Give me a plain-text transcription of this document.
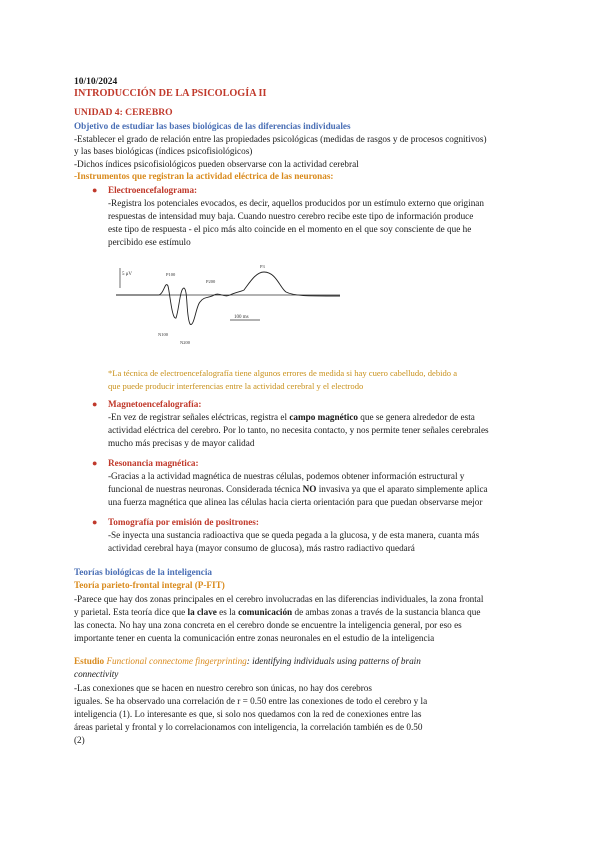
10/10/2024
INTRODUCCIÓN DE LA PSICOLOGÍA II
UNIDAD 4: CEREBRO
Objetivo de estudiar las bases biológicas de las diferencias individuales
-Establecer el grado de relación entre las propiedades psicológicas (medidas de rasgos y de procesos cognitivos)
y las bases biológicas (índices psicofisiológicos)
-Dichos índices psicofisiológicos pueden observarse con la actividad cerebral
-Instrumentos que registran la actividad eléctrica de las neuronas:
● Electroencefalograma:
-Registra los potenciales evocados, es decir, aquellos producidos por un estímulo externo que originan
respuestas de intensidad muy baja. Cuando nuestro cerebro recibe este tipo de información produce
este tipo de respuesta - el pico más alto coincide en el momento en el que soy consciente de que he
percibido ese estímulo
5 μV
100 ms
P100
P200
P3
N100
N200
*La técnica de electroencefalografía tiene algunos errores de medida si hay cuero cabelludo, debido a
que puede producir interferencias entre la actividad cerebral y el electrodo
● Magnetoencefalografía:
-En vez de registrar señales eléctricas, registra el campo magnético que se genera alrededor de esta
actividad eléctrica del cerebro. Por lo tanto, no necesita contacto, y nos permite tener señales cerebrales
mucho más precisas y de mayor calidad
● Resonancia magnética:
-Gracias a la actividad magnética de nuestras células, podemos obtener información estructural y
funcional de nuestras neuronas. Considerada técnica NO invasiva ya que el aparato simplemente aplica
una fuerza magnética que alinea las células hacia cierta orientación para que puedan observarse mejor
● Tomografía por emisión de positrones:
-Se inyecta una sustancia radioactiva que se queda pegada a la glucosa, y de esta manera, cuanta más
actividad cerebral haya (mayor consumo de glucosa), más rastro radiactivo quedará
Teorías biológicas de la inteligencia
Teoría parieto-frontal integral (P-FIT)
-Parece que hay dos zonas principales en el cerebro involucradas en las diferencias individuales, la zona frontal
y parietal. Esta teoría dice que la clave es la comunicación de ambas zonas a través de la sustancia blanca que
las conecta. No hay una zona concreta en el cerebro donde se encuentre la inteligencia general, por eso es
importante tener en cuenta la comunicación entre zonas neuronales en el estudio de la inteligencia
Estudio Functional connectome fingerprinting: identifying individuals using patterns of brain
connectivity
-Las conexiones que se hacen en nuestro cerebro son únicas, no hay dos cerebros
iguales. Se ha observado una correlación de r = 0.50 entre las conexiones de todo el cerebro y la
inteligencia (1). Lo interesante es que, si solo nos quedamos con la red de conexiones entre las
áreas parietal y frontal y lo correlacionamos con inteligencia, la correlación también es de 0.50
(2)
